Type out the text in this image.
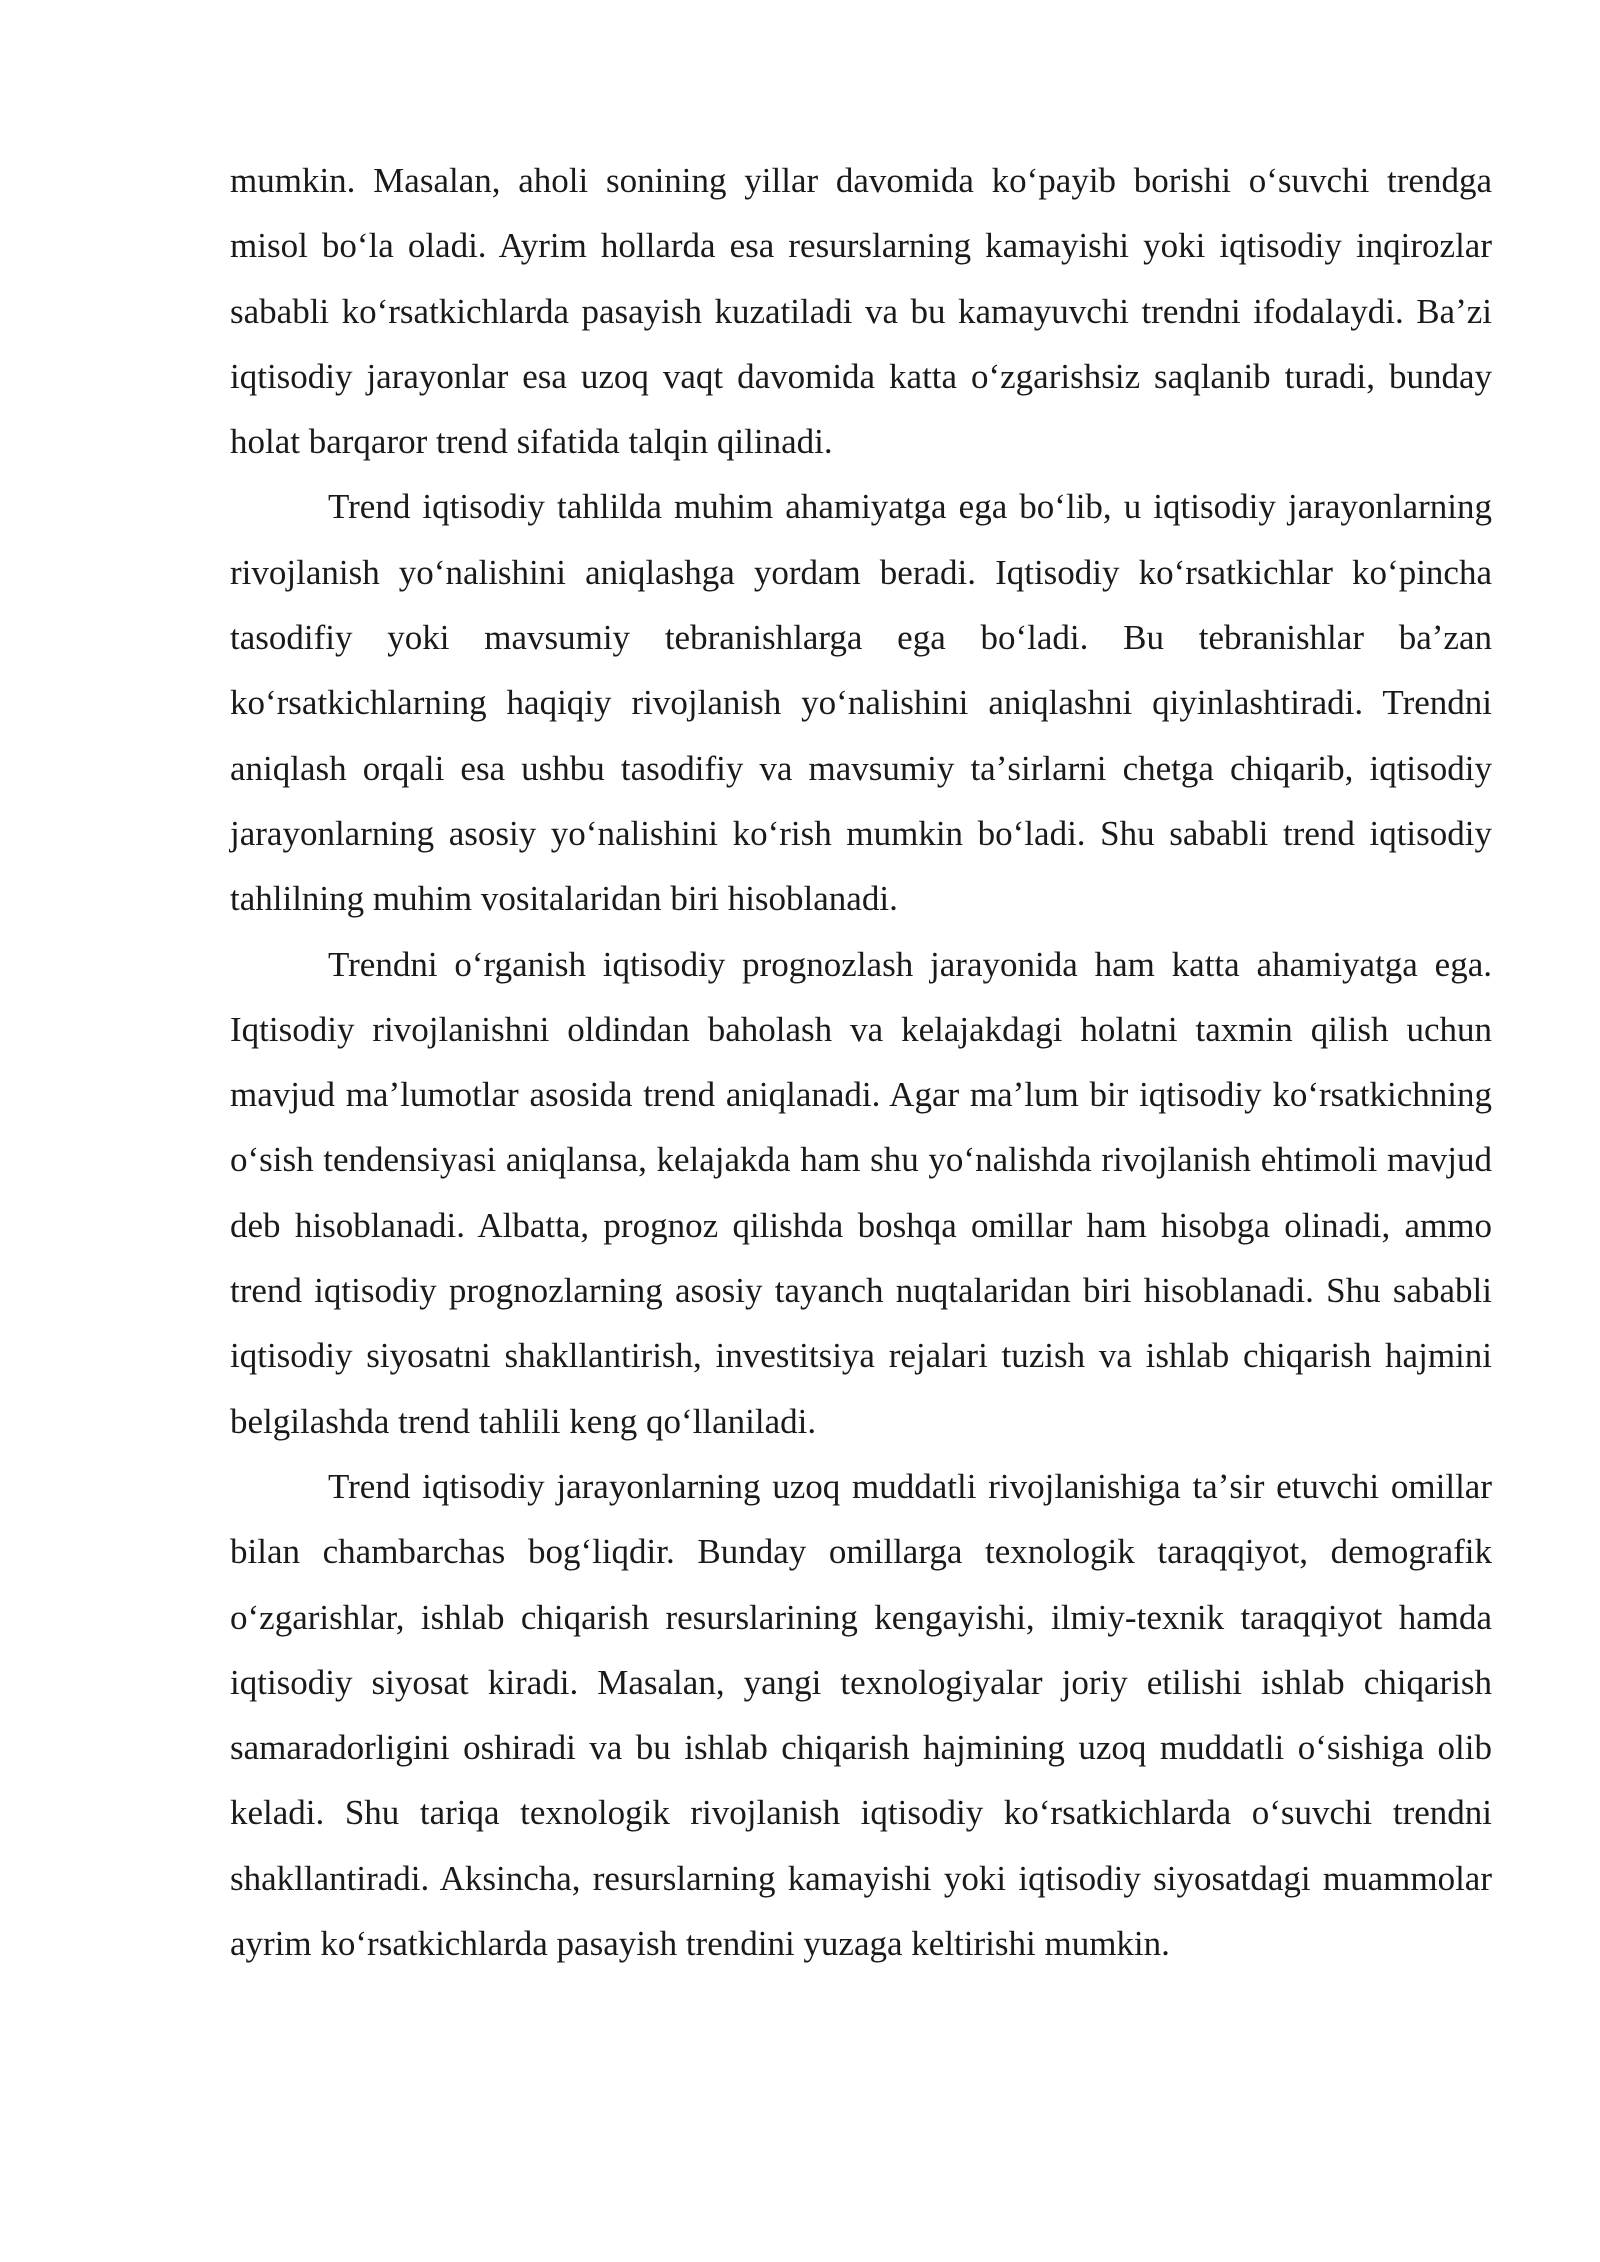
mumkin. Masalan, aholi sonining yillar davomida koʻpayib borishi oʻsuvchi trendga misol boʻla oladi. Ayrim hollarda esa resurslarning kamayishi yoki iqtisodiy inqirozlar sababli koʻrsatkichlarda pasayish kuzatiladi va bu kamayuvchi trendni ifodalaydi. Baʼzi iqtisodiy jarayonlar esa uzoq vaqt davomida katta oʻzgarishsiz saqlanib turadi, bunday holat barqaror trend sifatida talqin qilinadi.

Trend iqtisodiy tahlilda muhim ahamiyatga ega boʻlib, u iqtisodiy jarayonlarning rivojlanish yoʻnalishini aniqlashga yordam beradi. Iqtisodiy koʻrsatkichlar koʻpincha tasodifiy yoki mavsumiy tebranishlarga ega boʻladi. Bu tebranishlar baʼzan koʻrsatkichlarning haqiqiy rivojlanish yoʻnalishini aniqlashni qiyinlashtiradi. Trendni aniqlash orqali esa ushbu tasodifiy va mavsumiy taʼsirlarni chetga chiqarib, iqtisodiy jarayonlarning asosiy yoʻnalishini koʻrish mumkin boʻladi. Shu sababli trend iqtisodiy tahlilning muhim vositalaridan biri hisoblanadi.

Trendni oʻrganish iqtisodiy prognozlash jarayonida ham katta ahamiyatga ega. Iqtisodiy rivojlanishni oldindan baholash va kelajakdagi holatni taxmin qilish uchun mavjud maʼlumotlar asosida trend aniqlanadi. Agar maʼlum bir iqtisodiy koʻrsatkichning oʻsish tendensiyasi aniqlansa, kelajakda ham shu yoʻnalishda rivojlanish ehtimoli mavjud deb hisoblanadi. Albatta, prognoz qilishda boshqa omillar ham hisobga olinadi, ammo trend iqtisodiy prognozlarning asosiy tayanch nuqtalaridan biri hisoblanadi. Shu sababli iqtisodiy siyosatni shakllantirish, investitsiya rejalari tuzish va ishlab chiqarish hajmini belgilashda trend tahlili keng qoʻllaniladi.

Trend iqtisodiy jarayonlarning uzoq muddatli rivojlanishiga taʼsir etuvchi omillar bilan chambarchas bogʻliqdir. Bunday omillarga texnologik taraqqiyot, demografik oʻzgarishlar, ishlab chiqarish resurslarining kengayishi, ilmiy-texnik taraqqiyot hamda iqtisodiy siyosat kiradi. Masalan, yangi texnologiyalar joriy etilishi ishlab chiqarish samaradorligini oshiradi va bu ishlab chiqarish hajmining uzoq muddatli oʻsishiga olib keladi. Shu tariqa texnologik rivojlanish iqtisodiy koʻrsatkichlarda oʻsuvchi trendni shakllantiradi. Aksincha, resurslarning kamayishi yoki iqtisodiy siyosatdagi muammolar ayrim koʻrsatkichlarda pasayish trendini yuzaga keltirishi mumkin.
